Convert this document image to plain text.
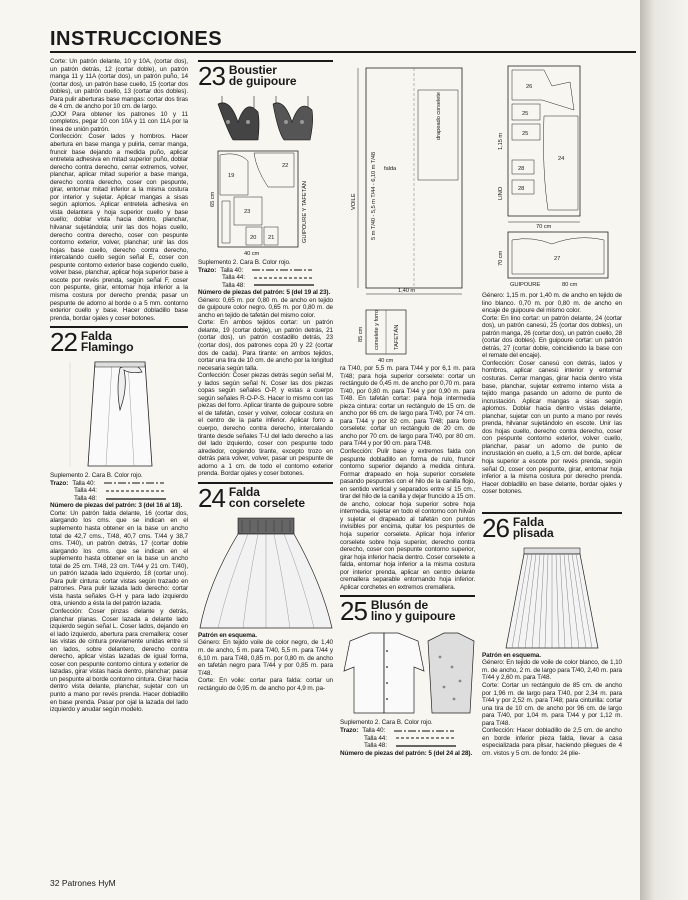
INSTRUCCIONES

Corte: Un patrón delante, 10 y 10A, (cortar dos), un patrón detrás, 12 (cortar doble), un patrón manga 11 y 11A (cortar dos), un patrón puño, 14 (cortar dos), un patrón base cuello, 15 (cortar dos dobles), un patrón cuello, 13 (cortar dos dobles). Para pulir aberturas base mangas: cortar dos tiras de 4 cm. de ancho por 10 cm. de largo.

¡OJO! Para obtener los patrones 10 y 11 completos, pegar 10 con 10A y 11 con 11A por la línea de unión patrón.

Confección: Coser lados y hombros. Hacer abertura en base manga y pulirla, cerrar manga, fruncir base dejando a medida puño, aplicar entretela adhesiva en mitad superior puño, doblar derecho contra derecho, cerrar extremos, volver, planchar, aplicar mitad superior a base manga, derecho contra derecho, coser con pespunte, girar, entornar mitad inferior a la misma costura por interior y sujetar. Aplicar mangas a sisas según aplomos. Aplicar entretela adhesiva en vista delantera y hoja superior cuello y base cuello; doblar vista hacia dentro, planchar, hilvanar sujetándola; unir las dos hojas cuello, derecho contra derecho, coser con pespunte contorno exterior, volver, planchar; unir las dos hojas base cuello, derecho contra derecho, intercalando cuello según señal E, coser con pespunte contorno exterior base cogiendo cuello, volver base, planchar, aplicar hoja superior base a escote por revés prenda, según señal F, coser con pespunte, girar, entornar hoja inferior a la misma costura por derecho prenda; pasar un pespunte de adorno al borde o a 5 mm. contorno exterior cuello y base. Hacer dobladillo base prenda, bordar ojales y coser botones.

22 Falda
Flamingo

Suplemento 2. Cara B. Color rojo.

Trazo: Talla 40:
Talla 44:
Talla 48:

Número de piezas del patrón: 3 (del 16 al 18).

Corte: Un patrón falda delante, 16 (cortar dos, alargando los cms. que se indican en el suplemento hasta obtener en la base un ancho total de 42,7 cms., T/48, 40,7 cms. T/44 y 38,7 cms. T/40), un patrón detrás, 17 (cortar doble alargando los cms. que se indican en el suplemento hasta obtener en la base un ancho total de 25 cm. T/48, 23 cm. T/44 y 21 cm. T/40), un patrón lazada lado izquierdo, 18 (cortar uno). Para pulir cintura: cortar vistas según trazado en patrones. Para pulir lazada lado derecho: cortar vista hasta señales G-H y para lado izquierdo otra, uniendo a ésta la del patrón lazada.

Confección: Coser pinzas delante y detrás, planchar planas. Coser lazada a delante lado izquierdo según señal L. Coser lados, dejando en el lado izquierdo, abertura para cremallera; coser las vistas de cintura previamente unidas entre sí en lados, sobre delantero, derecho contra derecho, aplicar vistas lazadas de igual forma, coser con pespunte contorno cintura y exterior de lazadas, girar vistas hacia dentro, planchar; pasar un pespunte al borde contorno cintura. Girar hacia dentro vista delante, planchar, sujetar con un punto a mano por revés prenda. Hacer dobladillo en base prenda. Pasar por ojal la lazada del lado izquierdo y anudar según modelo.

23 Boustier
de guipoure
19
22
23
20 21
40 cm
65 cm	GUIPOURE Y TAFETÁN

Suplemento 2. Cara B. Color rojo.

Trazo: Talla 40:
Talla 44:
Talla 48:

Número de piezas del patrón: 5 (del 19 al 23).

Género: 0,65 m. por 0,80 m. de ancho en tejido de guipoure color negro. 0,65 m. por 0,80 m. de ancho en tejido de tafetán del mismo color.

Corte: En ambos tejidos cortar: un patrón delante, 19 (cortar doble), un patrón detrás, 21 (cortar dos), un patrón costadillo detrás, 23 (cortar dos), dos patrones copa 20 y 22 (cortar dos de cada). Para tirante: en ambos tejidos, cortar una tira de 10 cm. de ancho por la longitud necesaria según talla.

Confección: Coser piezas detrás según señal M, y lados según señal N. Coser las dos piezas copas según señales O-P, y estas a cuerpo según señales R-O-P-S. Hacer lo mismo con las piezas del forro. Aplicar tirante de guipoure sobre el de tafetán, coser y volver, colocar costura en el centro de la parte inferior. Aplicar forro a cuerpo, derecho contra derecho, intercalando tirante desde señales T-U del lado derecho a las del lado izquierdo, coser con pespunte todo alrededor, cogiendo tirante, excepto trozo en detrás para volver, volver, pasar un pespunte de adorno a 1 cm. de todo el contorno exterior prenda. Bordar ojales y coser botones.

24 Falda
con corselete

Patrón en esquema.

Género: En tejido voile de color negro, de 1,40 m. de ancho, 5 m. para T/40, 5,5 m. para T/44 y 6,10 m. para T/48, 0,85 m. por 0,80 m. de ancho en tafetán negro para T/44 y por 0,85 m. para T/48.

Corte: En voile: cortar para falda: cortar un rectángulo de 0,95 m. de ancho por 4,9 m. pa-

VOILE 5 m T/40 - 5,5 m T/44 - 6,10 m T/48 falda
drapeado corselete
1,40 m
85 cm corselete y forro TAFETÁN
40 cm

ra T/40, por 5,5 m. para T/44 y por 6,1 m. para T/48; para hoja superior corselete: cortar un rectángulo de 0,45 m. de ancho por 0,70 m. para T/40, por 0,80 m. para T/44 y por 0,90 m. para T/48. En tafetán cortar: para hoja intermedia pieza cintura: cortar un rectángulo de 15 cm. de ancho por 66 cm. de largo para T/40, por 74 cm. para T/44 y por 82 cm. para T/48; para forro corselete: cortar un rectángulo de 20 cm. de ancho por 70 cm. de largo para T/40, por 80 cm. para T/44 y por 90 cm. para T/48.

Confección: Pulir base y extremos falda con pespunte dobladillo en forma de rulo, fruncir contorno superior dejando a medida cintura. Formar drapeado en hoja superior corselete pasando pespuntes con el hilo de la canilla flojo, en sentido vertical y separados entre sí 15 cm., tirar del hilo de la canilla y dejar fruncido a 15 cm. de ancho, colocar hoja superior sobre hoja intermedia, sujetar en todo el contorno con hilván y sujetar el drapeado al tafetán con puntos invisibles por encima, quitar los pespuntes de hoja superior corselete. Aplicar hoja inferior corselete sobre hoja superior, derecho contra derecho, coser con pespunte contorno superior, girar hoja inferior hacia dentro. Coser corselete a falda, entornar hoja inferior a la misma costura por interior prenda, aplicar en centro delante cremallera separable entornando hoja inferior. Aplicar corchetes en extremos cremallera.

25 Blusón de
lino y guipoure

Suplemento 2. Cara B. Color rojo.

Trazo: Talla 40:
Talla 44:
Talla 48:

Número de piezas del patrón: 5 (del 24 al 28).

26
25
25
24
28
28
27
1,15 m
LINO
70 cm
70 cm
GUIPOURE	80 cm

Género: 1,15 m. por 1,40 m. de ancho en tejido de lino blanco. 0,70 m. por 0,80 m. de ancho en encaje de guipoure del mismo color.

Corte: En lino cortar: un patrón delante, 24 (cortar dos), un patrón canesú, 25 (cortar dos dobles), un patrón manga, 26 (cortar dos), un patrón cuello, 28 (cortar dos dobles). En guipoure cortar: un patrón detrás, 27 (cortar doble, coincidiendo la base con el remate del encaje).

Confección: Coser canesú con detrás, lados y hombros, aplicar canesú interior y entornar costuras. Cerrar mangas, girar hacia dentro vista base, planchar, sujetar extremo interno vista a tejido manga pasando un adorno de punto de incrustación. Aplicar mangas a sisas según aplomos. Doblar hacia dentro vistas delante, planchar, sujetar con un punto a mano por revés prenda, hilvanar sujetándolo en escote. Unir las dos hojas cuello, derecho contra derecho, coser con pespunte contorno exterior, volver cuello, planchar, pasar un adorno de punto de incrustación en cuello, a 1,5 cm. del borde, aplicar hoja superior a escote por revés prenda, según señal O, coser con pespunte, girar, entornar hoja inferior a la misma costura por derecho prenda. Hacer dobladillo en base delante, bordar ojales y coser botones.

26 Falda
plisada

Patrón en esquema.

Género: En tejido de voile de color blanco, de 1,10 m. de ancho, 2 m. de largo para T/40, 2,40 m. para T/44 y 2,60 m. para T/48.

Corte: Cortar un rectángulo de 85 cm. de ancho por 1,96 m. de largo para T/40, por 2,34 m. para T/44 y por 2,52 m. para T/48; para cinturilla: cortar una tira de 10 cm. de ancho por 96 cm. de largo para T/40, por 1,04 m. para T/44 y por 1,12 m. para T/48.

Confección: Hacer dobladillo de 2,5 cm. de ancho en borde inferior pieza falda, llevar a casa especializada para plisar, haciendo pliegues de 4 cm. vistos y 5 cm. de fondo: 24 plie-

32 Patrones HyM
